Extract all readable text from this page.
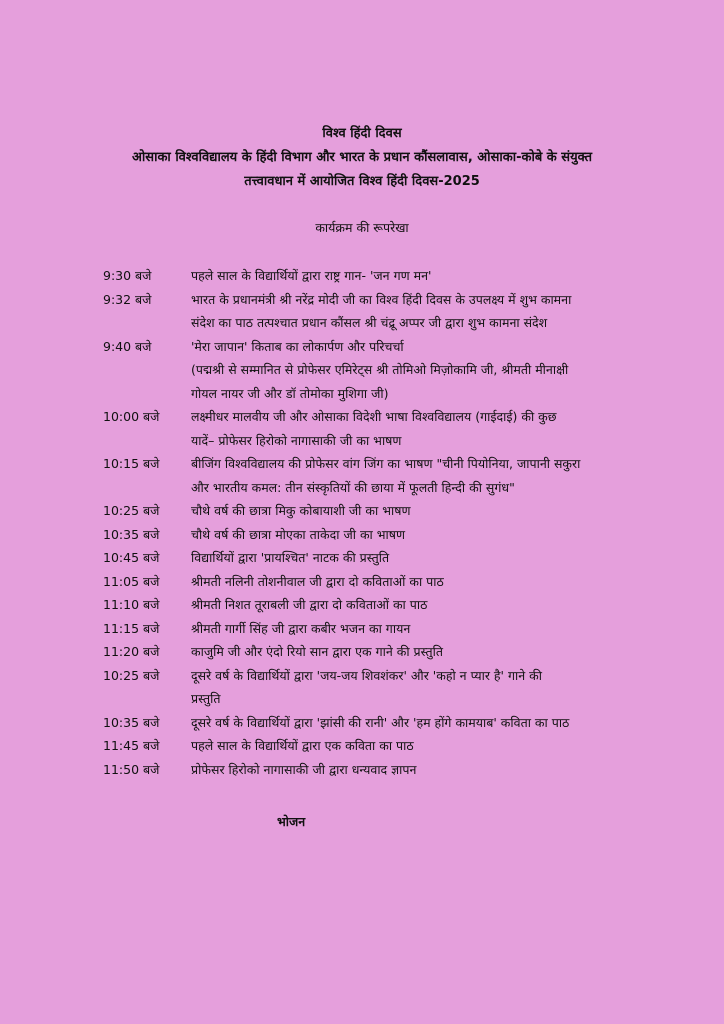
विश्व हिंदी दिवस
ओसाका विश्वविद्यालय के हिंदी विभाग और भारत के प्रधान कौंसलावास, ओसाका-कोबे के संयुक्त
तत्त्वावधान में आयोजित विश्व हिंदी दिवस-2025
कार्यक्रम की रूपरेखा
9:30 बजे	पहले साल के विद्यार्थियों द्वारा राष्ट्र गान- 'जन गण मन'
9:32 बजे	भारत के प्रधानमंत्री श्री नरेंद्र मोदी जी का विश्व हिंदी दिवस के उपलक्ष्य में शुभ कामना
संदेश का पाठ तत्पश्चात प्रधान कौंसल श्री चंद्रू अप्पर जी द्वारा शुभ कामना संदेश
9:40 बजे	'मेरा जापान' किताब का लोकार्पण और परिचर्चा
(पद्मश्री से सम्मानित से प्रोफेसर एमिरेट्स श्री तोमिओ मिज़ोकामि जी, श्रीमती मीनाक्षी
गोयल नायर जी और डॉ तोमोका मुशिगा जी)
10:00 बजे	लक्ष्मीधर मालवीय जी और ओसाका विदेशी भाषा विश्वविद्यालय (गाईदाई) की कुछ
यादें– प्रोफेसर हिरोको नागासाकी जी का भाषण
10:15 बजे	बीजिंग विश्वविद्यालय की प्रोफेसर वांग जिंग का भाषण "चीनी पियोनिया, जापानी सकुरा
और भारतीय कमल: तीन संस्कृतियों की छाया में फूलती हिन्दी की सुगंध"
10:25 बजे	चौथे वर्ष की छात्रा मिकु कोबायाशी जी का भाषण
10:35 बजे	चौथे वर्ष की छात्रा मोएका ताकेदा जी का भाषण
10:45 बजे	विद्यार्थियों द्वारा 'प्रायश्चित' नाटक की प्रस्तुति
11:05 बजे	श्रीमती नलिनी तोशनीवाल जी द्वारा दो कविताओं का पाठ
11:10 बजे	श्रीमती निशत तूराबली जी द्वारा दो कविताओं का पाठ
11:15 बजे	श्रीमती गार्गी सिंह जी द्वारा कबीर भजन का गायन
11:20 बजे	काजुमि जी और एंदो रियो सान द्वारा एक गाने की प्रस्तुति
10:25 बजे	दूसरे वर्ष के विद्यार्थियों द्वारा 'जय-जय शिवशंकर' और 'कहो न प्यार है' गाने की
प्रस्तुति
10:35 बजे	दूसरे वर्ष के विद्यार्थियों द्वारा 'झांसी की रानी' और 'हम होंगे कामयाब' कविता का पाठ
11:45 बजे	पहले साल के विद्यार्थियों द्वारा एक कविता का पाठ
11:50 बजे	प्रोफेसर हिरोको नागासाकी जी द्वारा धन्यवाद ज्ञापन
भोजन
